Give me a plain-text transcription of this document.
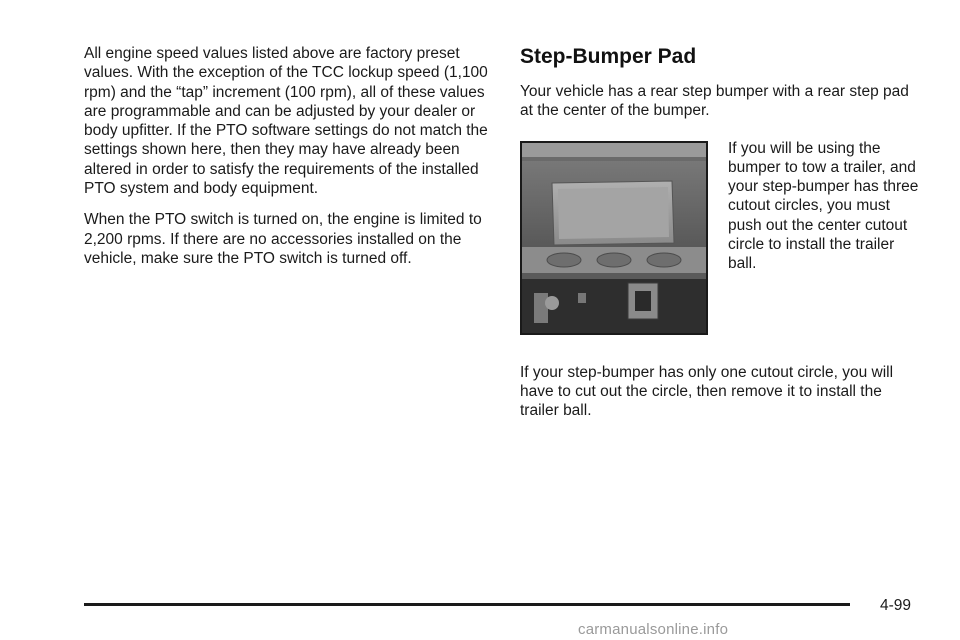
All engine speed values listed above are factory preset values. With the exception of the TCC lockup speed (1,100 rpm) and the “tap” increment (100 rpm), all of these values are programmable and can be adjusted by your dealer or body upfitter. If the PTO software settings do not match the settings shown here, then they may have already been altered in order to satisfy the requirements of the installed PTO system and body equipment.

When the PTO switch is turned on, the engine is limited to 2,200 rpms. If there are no accessories installed on the vehicle, make sure the PTO switch is turned off.

Step-Bumper Pad

Your vehicle has a rear step bumper with a rear step pad at the center of the bumper.

If you will be using the bumper to tow a trailer, and your step-bumper has three cutout circles, you must push out the center cutout circle to install the trailer ball.

If your step-bumper has only one cutout circle, you will have to cut out the circle, then remove it to install the trailer ball.

4-99
carmanualsonline.info
